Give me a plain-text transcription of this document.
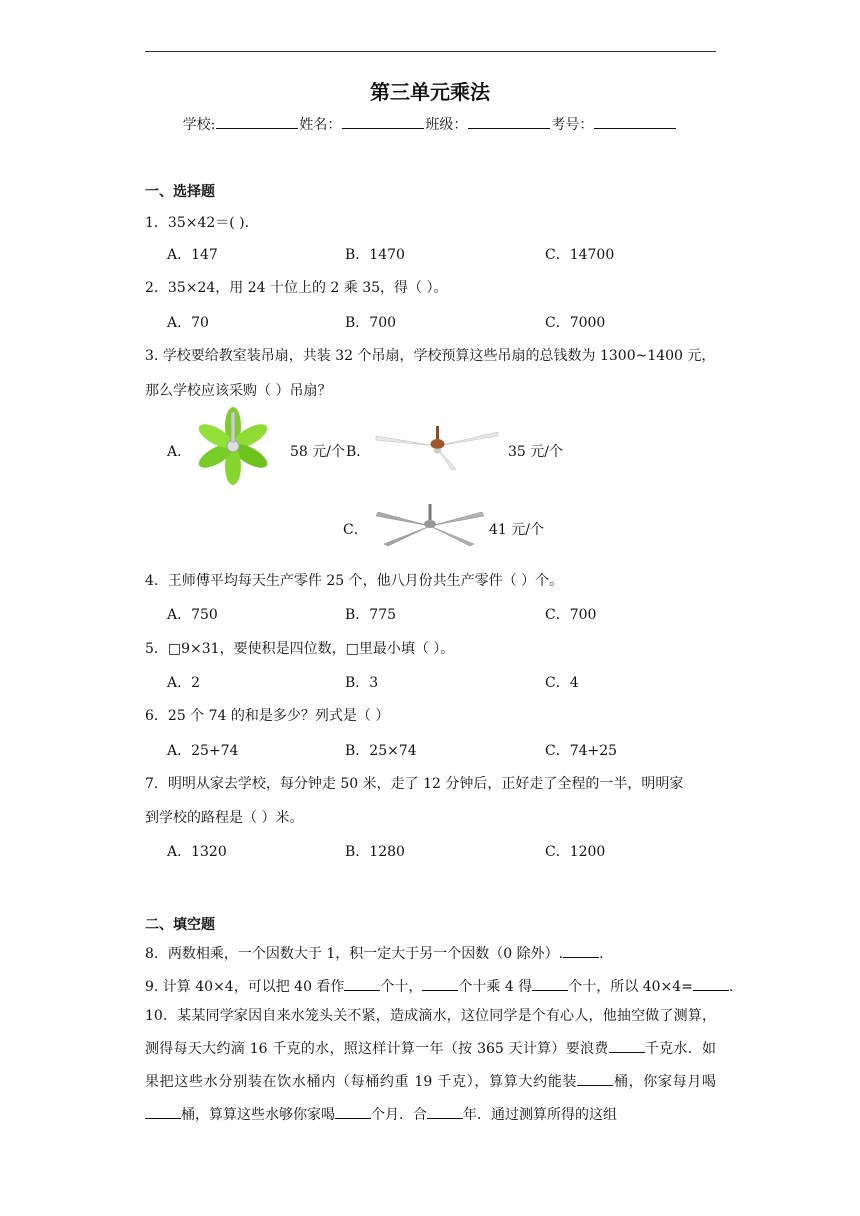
第三单元乘法
学校:	姓名：	班级：	考号：
一、选择题
1．35×42＝( ).
A．147	B．1470	C．14700
2．35×24，用 24 十位上的 2 乘 35，得（ ）。
A．70	B．700	C．7000
3. 学校要给教室装吊扇，共装 32 个吊扇，学校预算这些吊扇的总钱数为 1300~1400 元，
那么学校应该采购（ ）吊扇？
A．	58 元/个 B．	35 元/个
C．	41 元/个
4．王师傅平均每天生产零件 25 个，他八月份共生产零件（ ）个。
A．750	B．775	C．700
5．□9×31，要使积是四位数，□里最小填（ ）。
A．2	B．3	C．4
6．25 个 74 的和是多少？列式是（ ）
A．25+74	B．25×74	C．74+25
7．明明从家去学校，每分钟走 50 米，走了 12 分钟后，正好走了全程的一半，明明家
到学校的路程是（ ）米。
A．1320	B．1280	C．1200
二、填空题
8．两数相乘，一个因数大于 1，积一定大于另一个因数（0 除外）.	.
9. 计算 40×4，可以把 40 看作	个十，	个十乘 4 得	个十，所以 40×4=	.
10．某某同学家因自来水笼头关不紧，造成滴水，这位同学是个有心人，他抽空做了测算，测得每天大约滴 16 千克的水，照这样计算一年（按 365 天计算）要浪费	千克水．如果把这些水分别装在饮水桶内（每桶约重 19 千克），算算大约能装	桶，你家每月喝桶，算算这些水够你家喝	个月．合	年．通过测算所得的这组
